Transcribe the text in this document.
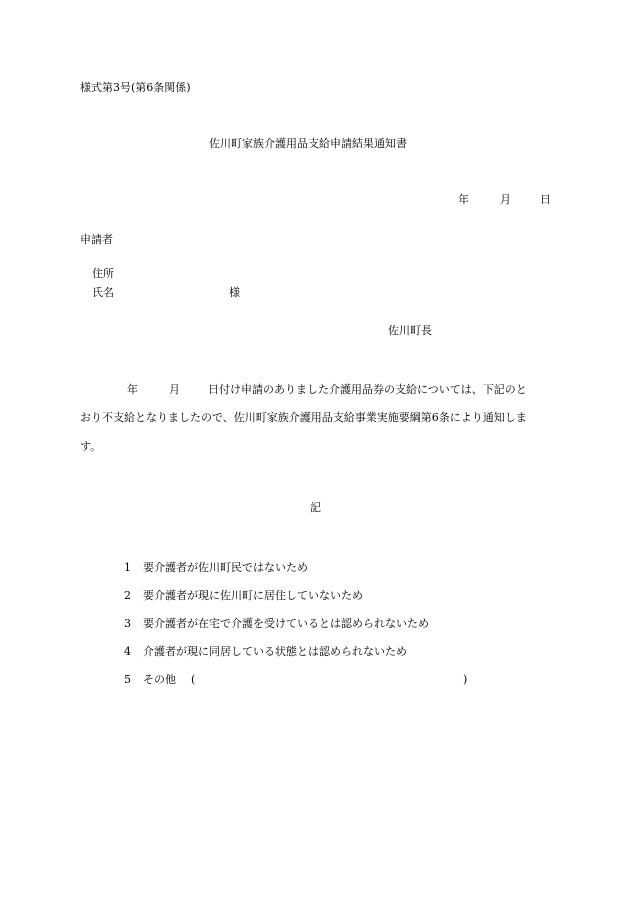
様式第3号(第6条関係)
佐川町家族介護用品支給申請結果通知書
年	月	日
申請者
住所
氏名	様
佐川町長
年	月	日付け申請のありました介護用品券の支給については、下記のと
おり不支給となりましたので、佐川町家族介護用品支給事業実施要綱第6条により通知しま
す。
記
1 要介護者が佐川町民ではないため
2 要介護者が現に佐川町に居住していないため
3 要介護者が在宅で介護を受けているとは認められないため
4 介護者が現に同居している状態とは認められないため
5 その他 (	)
